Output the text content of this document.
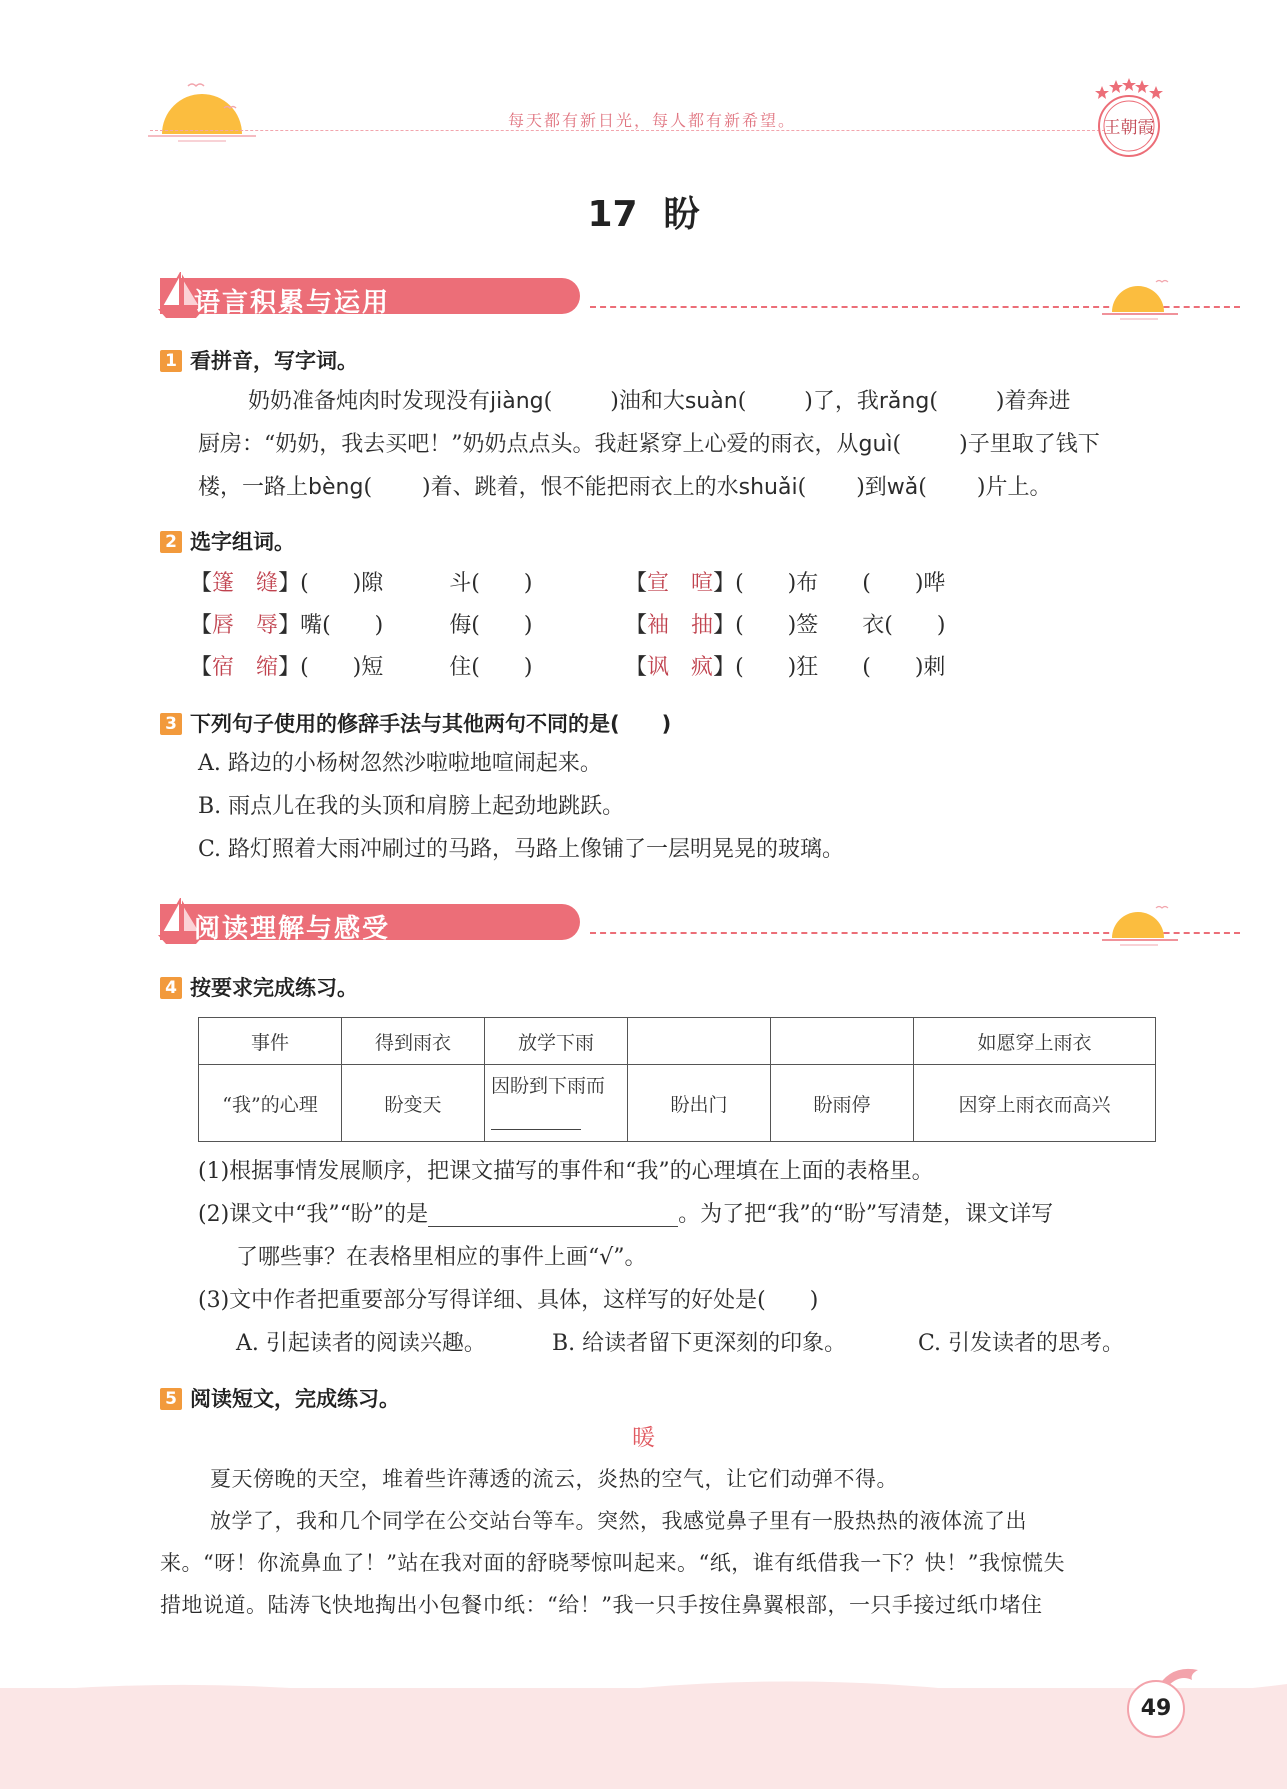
每天都有新日光，每人都有新希望。	王朝霞
17 盼
语言积累与运用
1 看拼音，写字词。
奶奶准备炖肉时发现没有jiàng(	)油和大suàn(	)了，我rǎng(	)着奔进
厨房：“奶奶，我去买吧！”奶奶点点头。我赶紧穿上心爱的雨衣，从guì(	)子里取了钱下
楼，一路上bèng( )着、跳着，恨不能把雨衣上的水shuǎi( )到wǎ( )片上。
2 选字组词。
【篷　 缝】(　　)隙　　　	斗(　　)	【宣　 喧】(　　)布　　 (　　)哗
【唇　 辱】嘴(　　)　　　	侮(　　)	【袖　 抽】(　　)签　　 衣(　　)
【宿　 缩】(　　)短　　　	住(　　)	【讽　 疯】(　　)狂　　 (　　)刺
3 下列句子使用的修辞手法与其他两句不同的是(　　)
A. 路边的小杨树忽然沙啦啦地喧闹起来。
B. 雨点儿在我的头顶和肩膀上起劲地跳跃。
C. 路灯照着大雨冲刷过的马路，马路上像铺了一层明晃晃的玻璃。
阅读理解与感受
4 按要求完成练习。
事件	得到雨衣	放学下雨			如愿穿上雨衣
“我”的心理	盼变天	因盼到下雨而	盼出门	盼雨停	因穿上雨衣而高兴
(1)根据事情发展顺序，把课文描写的事件和“我”的心理填在上面的表格里。
(2)课文中“我”“盼”的是	。为了把“我”的“盼”写清楚，课文详写
了哪些事？在表格里相应的事件上画“√”。
(3)文中作者把重要部分写得详细、具体，这样写的好处是(　　)
A. 引起读者的阅读兴趣。	B. 给读者留下更深刻的印象。	C. 引发读者的思考。
5 阅读短文，完成练习。
暖
夏天傍晚的天空，堆着些许薄透的流云，炎热的空气，让它们动弹不得。
放学了，我和几个同学在公交站台等车。突然，我感觉鼻子里有一股热热的液体流了出
来。“呀！你流鼻血了！”站在我对面的舒晓琴惊叫起来。“纸，谁有纸借我一下？快！”我惊慌失
措地说道。陆涛飞快地掏出小包餐巾纸：“给！”我一只手按住鼻翼根部，一只手接过纸巾堵住
49
